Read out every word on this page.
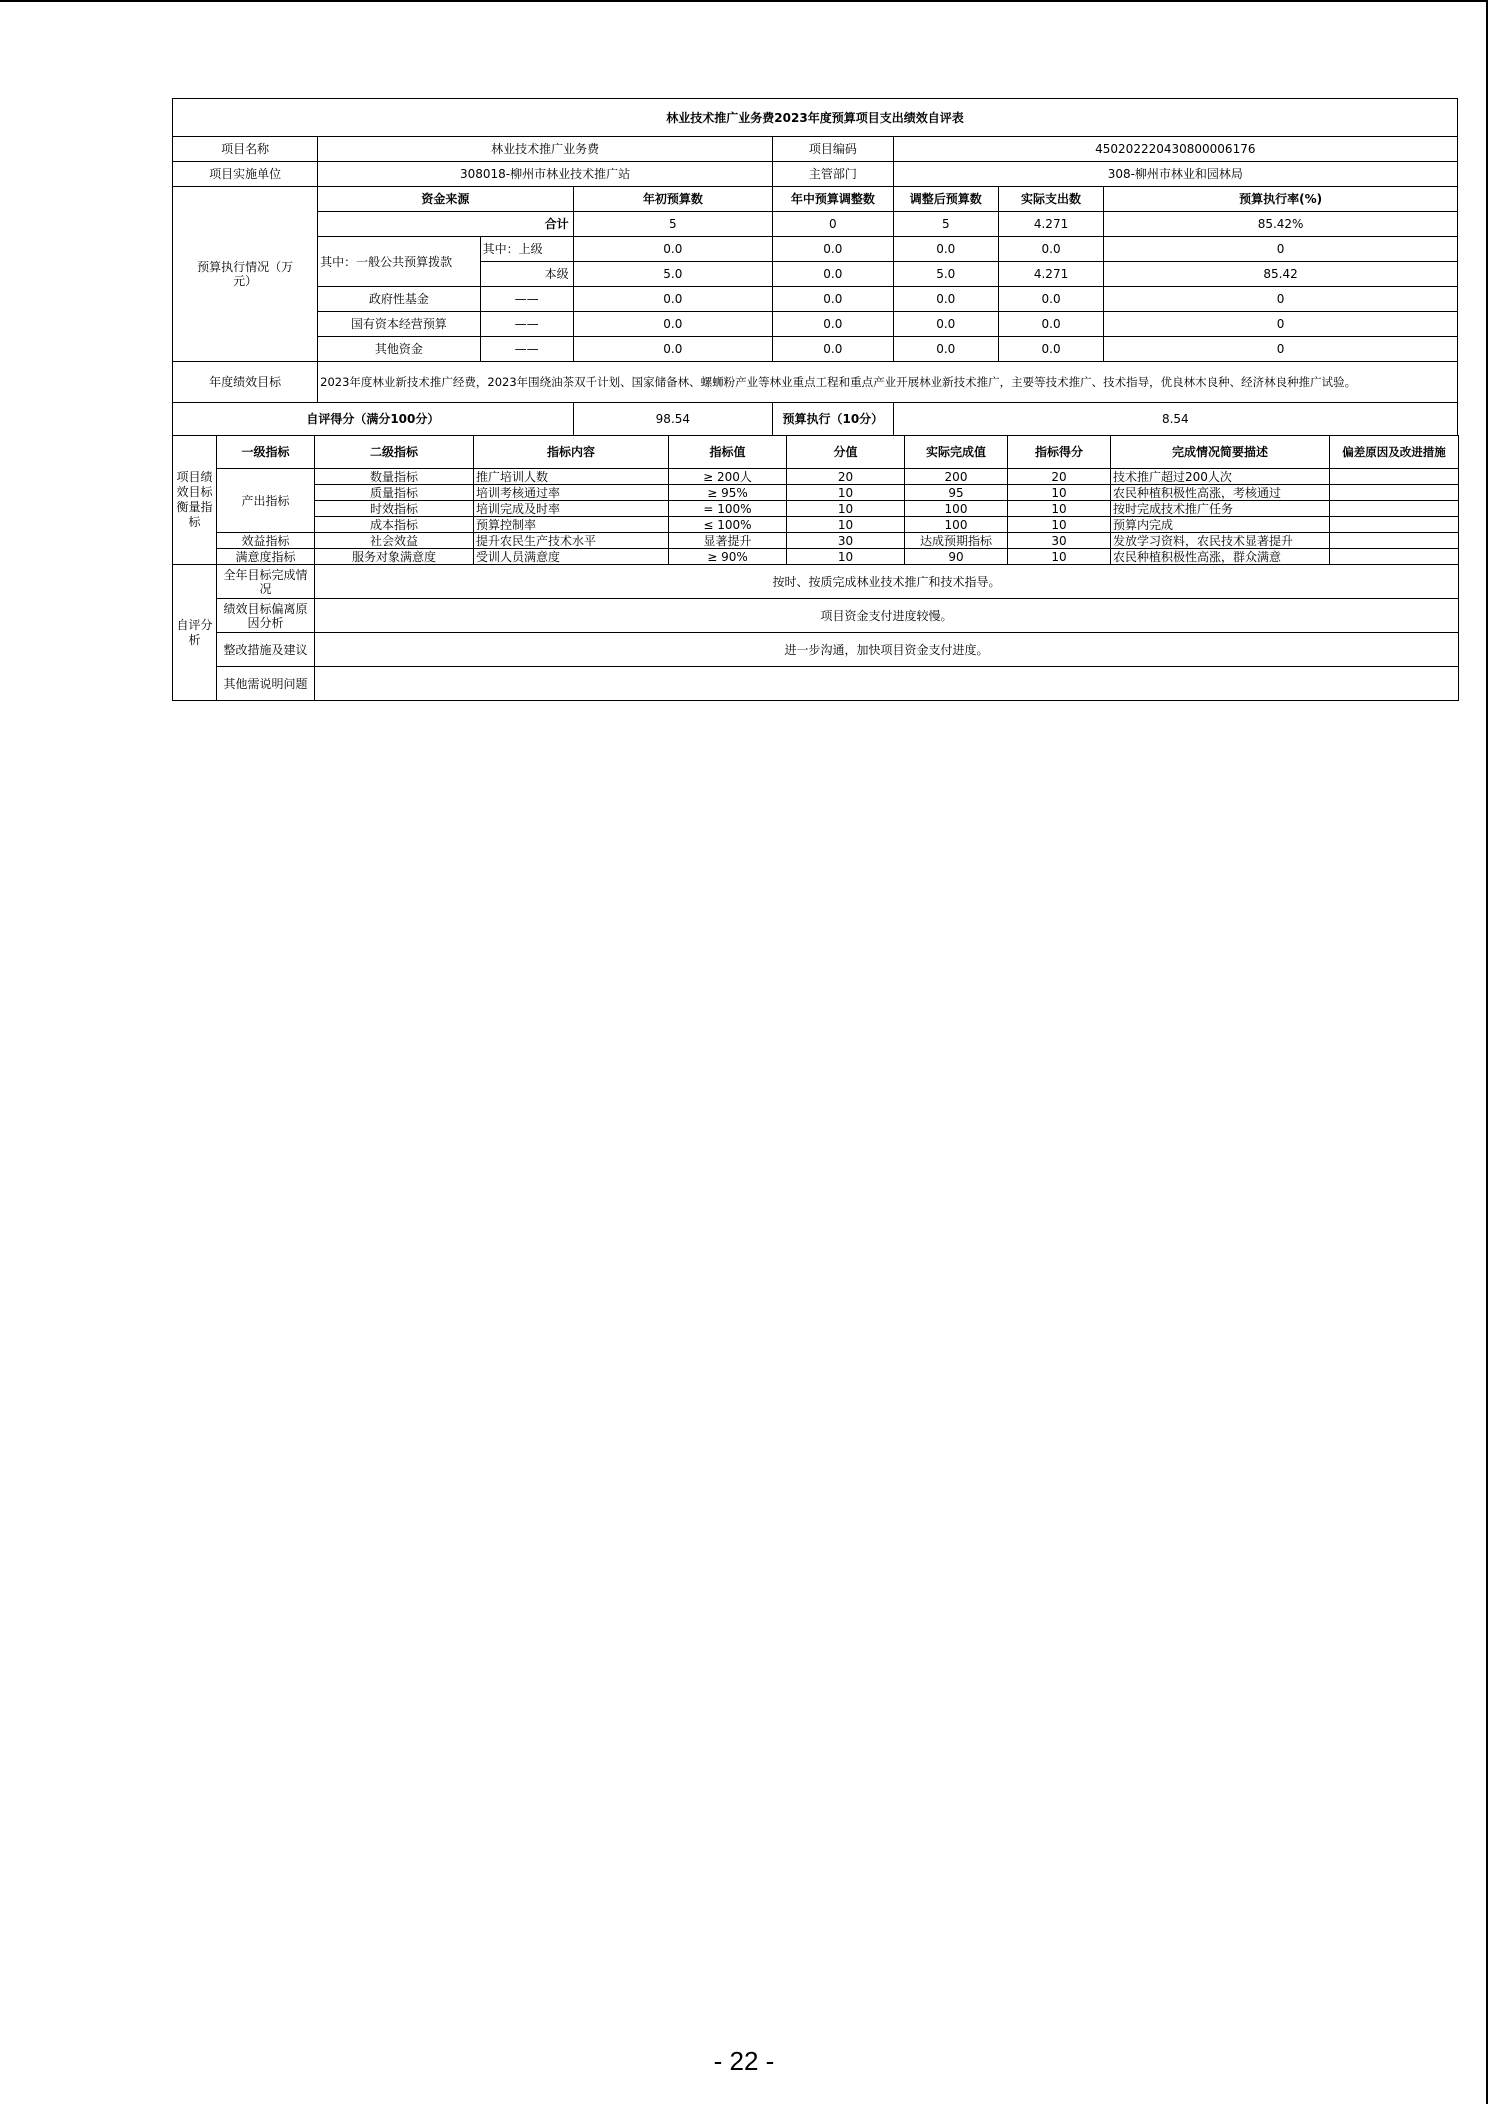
林业技术推广业务费2023年度预算项目支出绩效自评表							
项目名称	林业技术推广业务费			项目编码	450202220430800006176		
项目实施单位	308018-柳州市林业技术推广站			主管部门	308-柳州市林业和园林局		
预算执行情况（万元）	资金来源		年初预算数	年中预算调整数	调整后预算数	实际支出数	预算执行率(%)
	合计		5	0	5	4.271	85.42%
	其中：一般公共预算拨款	其中：上级	0.0	0.0	0.0	0.0	0
		本级	5.0	0.0	5.0	4.271	85.42
	政府性基金	——	0.0	0.0	0.0	0.0	0
	国有资本经营预算	——	0.0	0.0	0.0	0.0	0
	其他资金	——	0.0	0.0	0.0	0.0	0
年度绩效目标	2023年度林业新技术推广经费，2023年围绕油茶双千计划、国家储备林、螺蛳粉产业等林业重点工程和重点产业开展林业新技术推广，主要等技术推广、技术指导，优良林木良种、经济林良种推广试验。						
自评得分（满分100分）			98.54	预算执行（10分）	8.54		
项目绩效目标衡量指标	一级指标	二级指标	指标内容	指标值	分值	实际完成值	指标得分	完成情况简要描述	偏差原因及改进措施
	产出指标	数量指标	推广培训人数	≥ 200人	20	200	20	技术推广超过200人次	
		质量指标	培训考核通过率	≥ 95%	10	95	10	农民种植积极性高涨，考核通过	
		时效指标	培训完成及时率	= 100%	10	100	10	按时完成技术推广任务	
		成本指标	预算控制率	≤ 100%	10	100	10	预算内完成	
	效益指标	社会效益	提升农民生产技术水平	显著提升	30	达成预期指标	30	发放学习资料，农民技术显著提升	
	满意度指标	服务对象满意度	受训人员满意度	≥ 90%	10	90	10	农民种植积极性高涨，群众满意	
自评分析	全年目标完成情况	按时、按质完成林业技术推广和技术指导。							
	绩效目标偏离原因分析	项目资金支付进度较慢。							
	整改措施及建议	进一步沟通，加快项目资金支付进度。							
	其他需说明问题								
- 22 -
